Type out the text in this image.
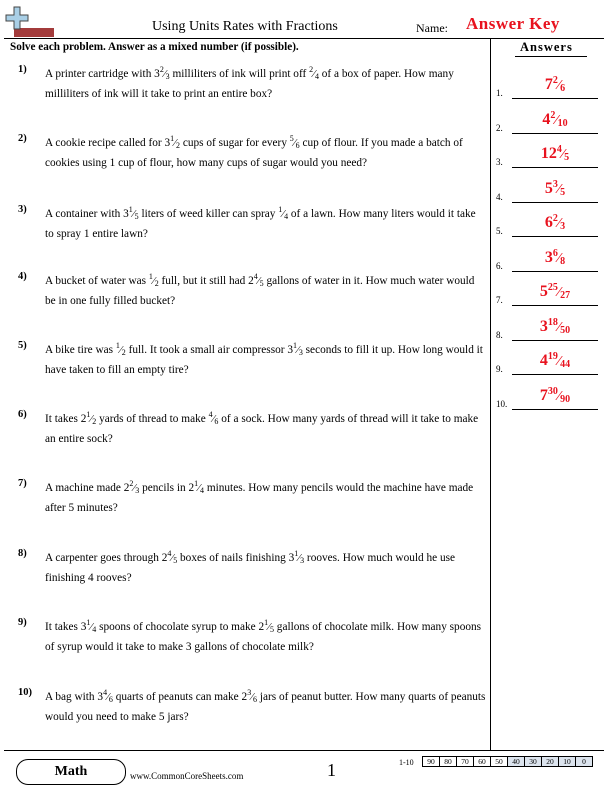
Using Units Rates with Fractions	Name: Answer Key
Solve each problem. Answer as a mixed number (if possible).
1) A printer cartridge with 32⁄3 milliliters of ink will print off 2⁄4 of a box of paper. How many milliliters of ink will it take to print an entire box?
2) A cookie recipe called for 31⁄2 cups of sugar for every 5⁄6 cup of flour. If you made a batch of cookies using 1 cup of flour, how many cups of sugar would you need?
3) A container with 31⁄5 liters of weed killer can spray 1⁄4 of a lawn. How many liters would it take to spray 1 entire lawn?
4) A bucket of water was 1⁄2 full, but it still had 24⁄5 gallons of water in it. How much water would be in one fully filled bucket?
5) A bike tire was 1⁄2 full. It took a small air compressor 31⁄3 seconds to fill it up. How long would it have taken to fill an empty tire?
6) It takes 21⁄2 yards of thread to make 4⁄6 of a sock. How many yards of thread will it take to make an entire sock?
7) A machine made 22⁄3 pencils in 21⁄4 minutes. How many pencils would the machine have made after 5 minutes?
8) A carpenter goes through 24⁄5 boxes of nails finishing 31⁄3 rooves. How much would he use finishing 4 rooves?
9) It takes 31⁄4 spoons of chocolate syrup to make 21⁄5 gallons of chocolate milk. How many spoons of syrup would it take to make 3 gallons of chocolate milk?
10) A bag with 34⁄6 quarts of peanuts can make 23⁄6 jars of peanut butter. How many quarts of peanuts would you need to make 5 jars?
Answers
1.	72⁄6
2.	42⁄10
3.	124⁄5
4.	53⁄5
5.	62⁄3
6.	36⁄8
7.	525⁄27
8.	318⁄50
9.	419⁄44
10.	730⁄90
Math	www.CommonCoreSheets.com	1	1-10 90	80	70	60	50	40	30	20	10	0
